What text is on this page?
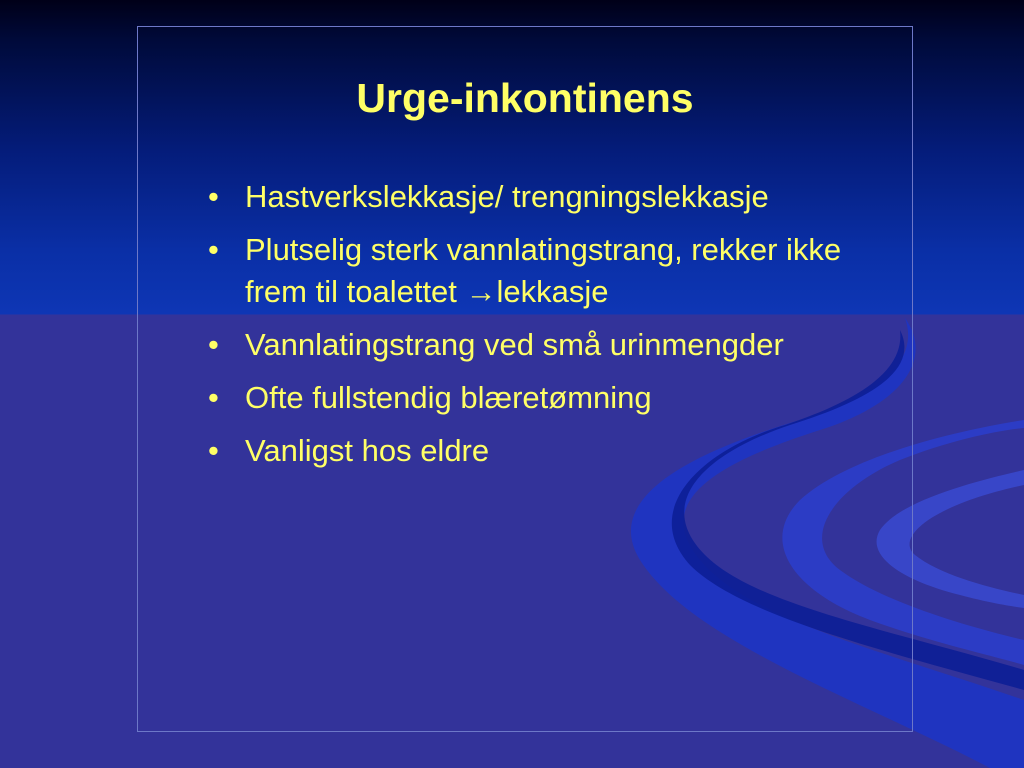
Urge-inkontinens
• Hastverkslekkasje/ trengningslekkasje
• Plutselig sterk vannlatingstrang, rekker ikke frem til toalettet →lekkasje
• Vannlatingstrang ved små urinmengder
• Ofte fullstendig blæretømning
• Vanligst hos eldre
